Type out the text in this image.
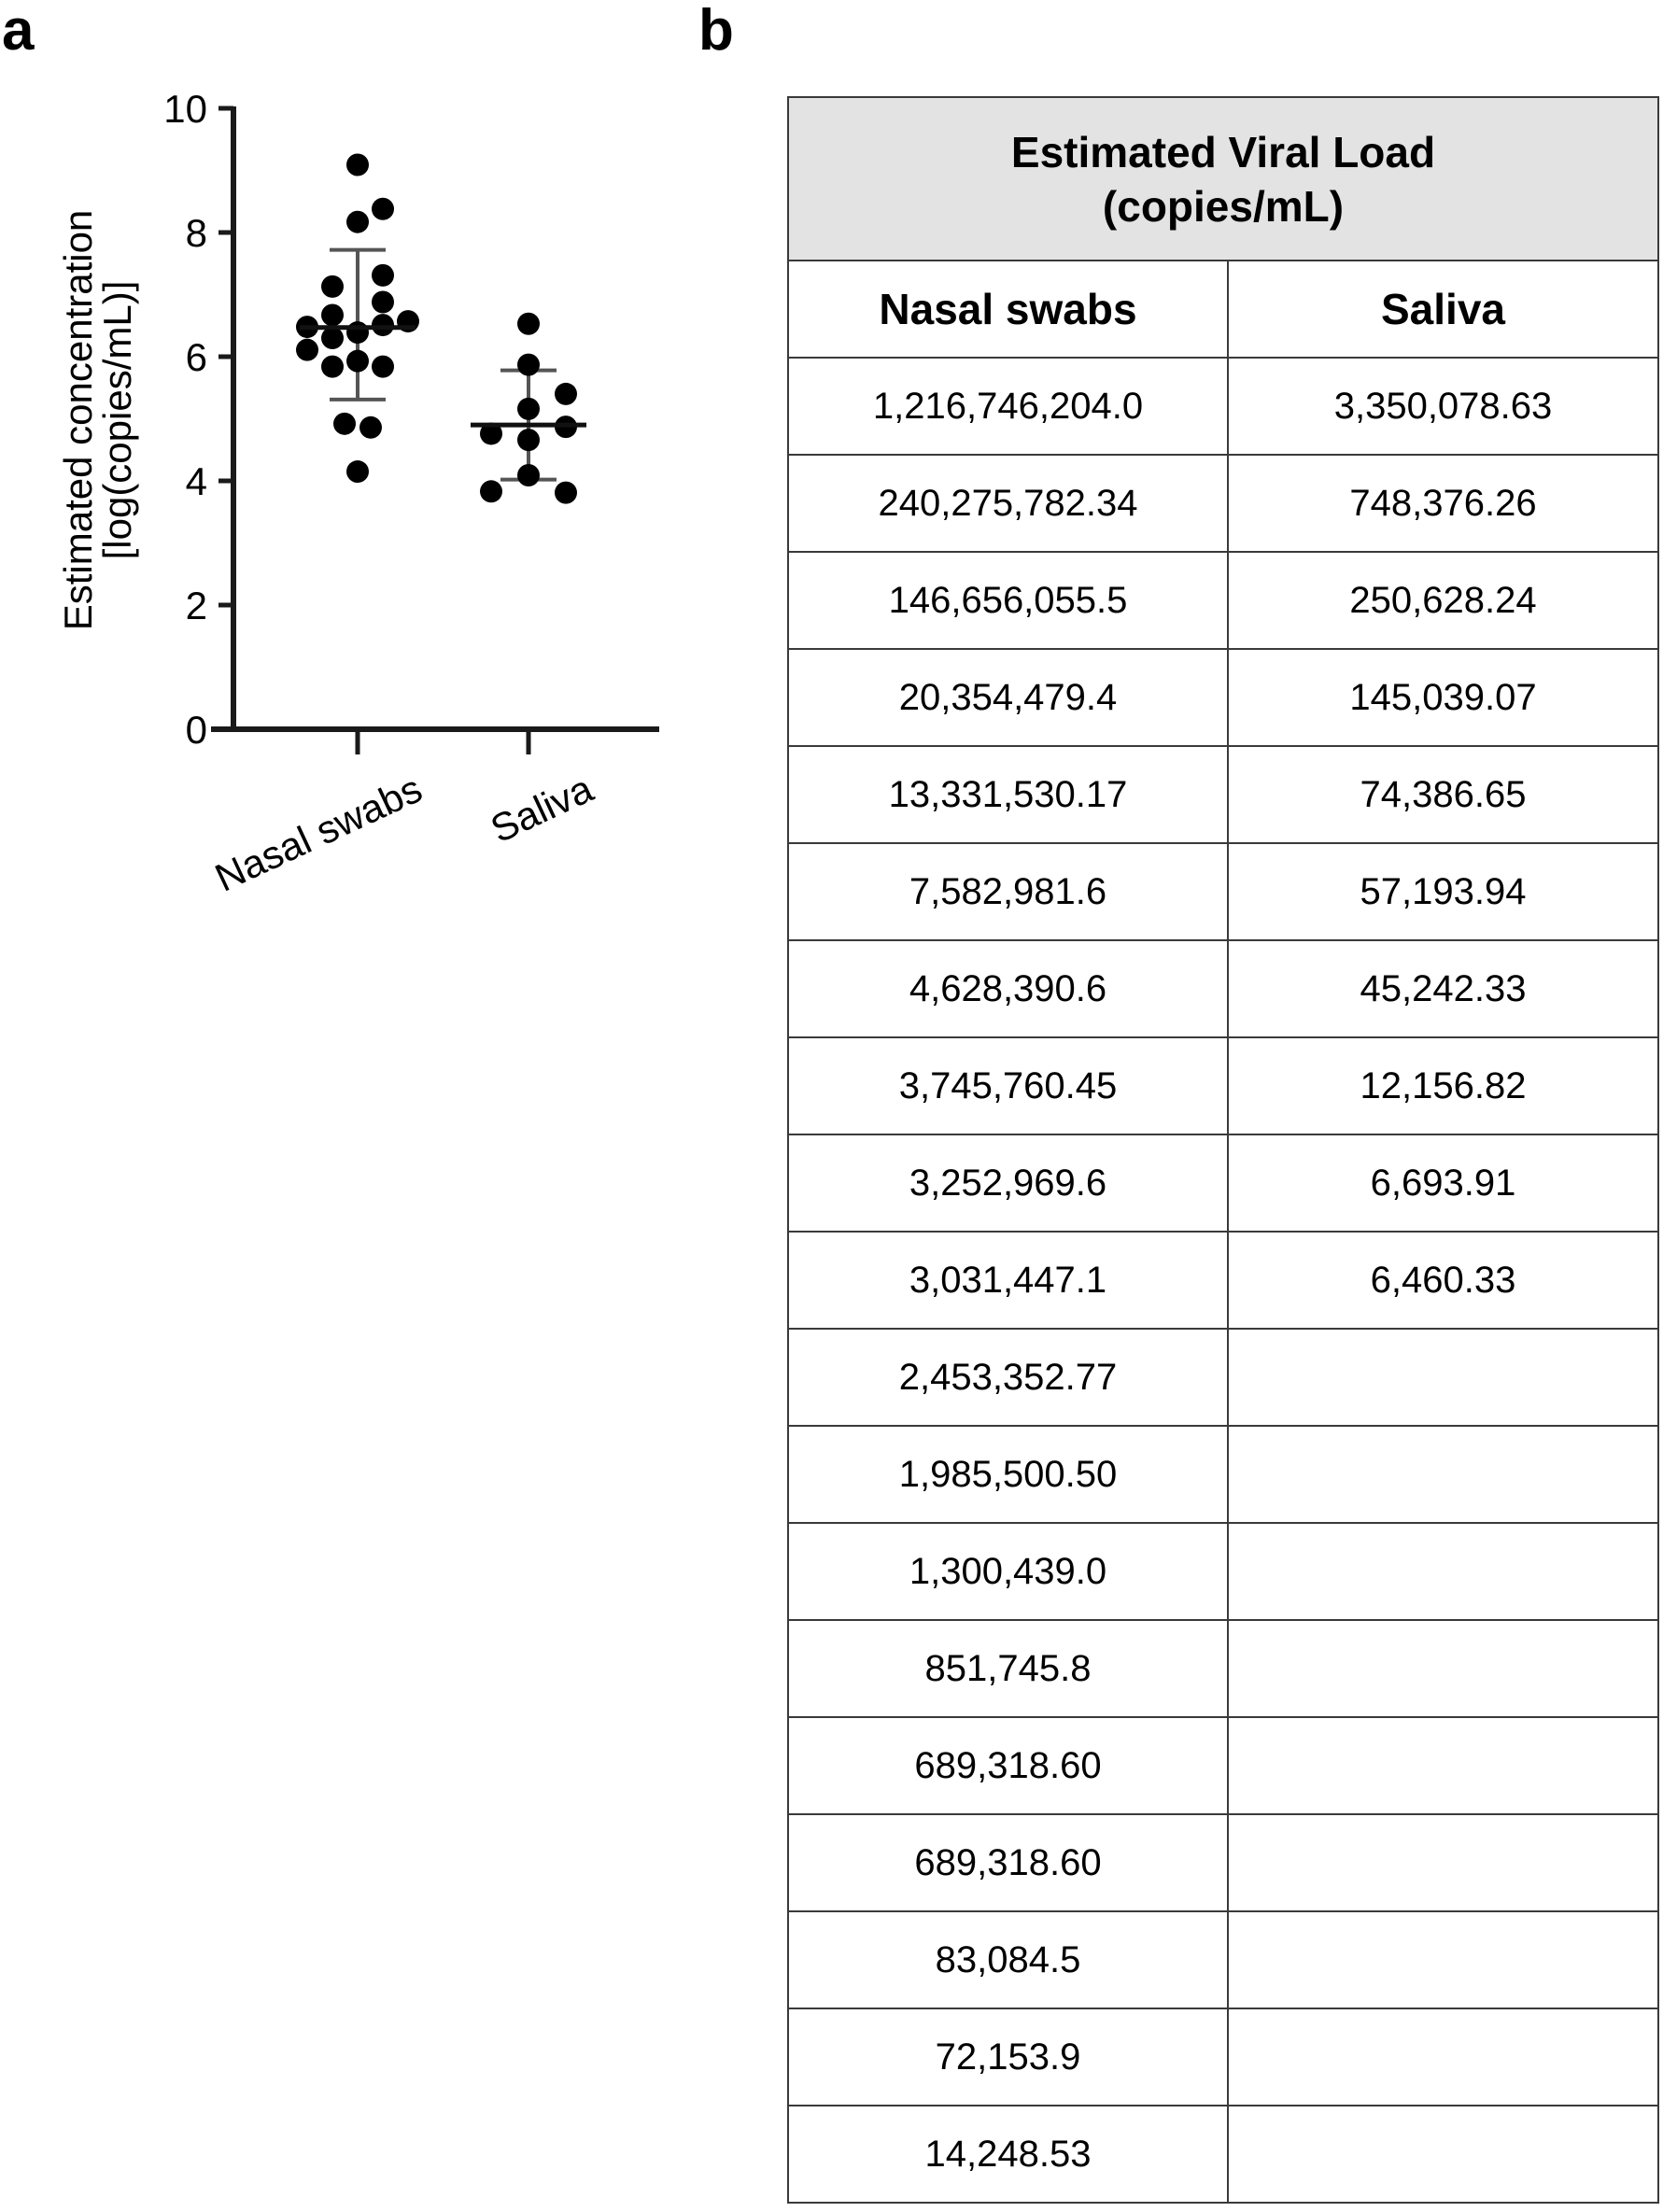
a	b
Estimated concentration
[log(copies/mL)]
0
2
4
6
8
10
Nasal swabs Saliva
Estimated Viral Load
(copies/mL)	

Nasal swabs	Saliva
1,216,746,204.0	3,350,078.63
240,275,782.34	748,376.26
146,656,055.5	250,628.24
20,354,479.4	145,039.07
13,331,530.17	74,386.65
7,582,981.6	57,193.94
4,628,390.6	45,242.33
3,745,760.45	12,156.82
3,252,969.6	6,693.91
3,031,447.1	6,460.33
2,453,352.77	
1,985,500.50	
1,300,439.0	
851,745.8	
689,318.60	
689,318.60	
83,084.5	
72,153.9	
14,248.53	
